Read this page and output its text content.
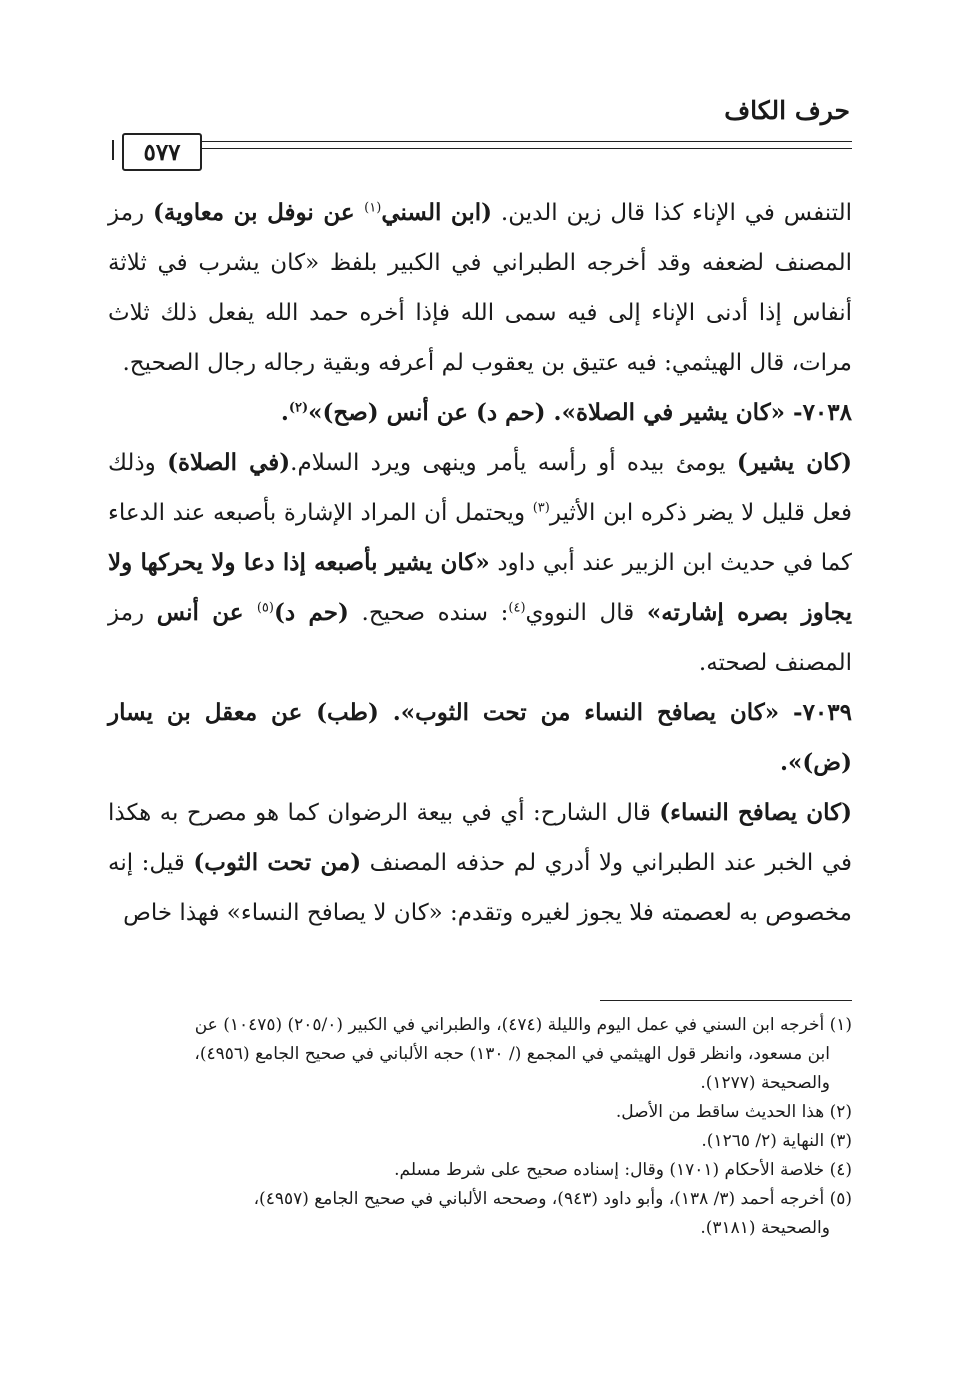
حرف الكاف
٥٧٧

التنفس في الإناء كذا قال زين الدين. (ابن السني$^{(١)}$ عن نوفل بن معاوية) رمز المصنف لضعفه وقد أخرجه الطبراني في الكبير بلفظ «كان يشرب في ثلاثة أنفاس إذا أدنى الإناء إلى فيه سمى الله فإذا أخره حمد الله يفعل ذلك ثلاث مرات، قال الهيثمي: فيه عتيق بن يعقوب لم أعرفه وبقية رجاله رجال الصحيح.

٧٠٣٨- «كان يشير في الصلاة». (حم د) عن أنس (صح)»$^{(٢)}$.

(كان يشير) يومئ بيده أو رأسه يأمر وينهى ويرد السلام.(في الصلاة) وذلك فعل قليل لا يضر ذكره ابن الأثير$^{(٣)}$ ويحتمل أن المراد الإشارة بأصبعه عند الدعاء كما في حديث ابن الزبير عند أبي داود «كان يشير بأصبعه إذا دعا ولا يحركها ولا يجاوز بصره إشارته» قال النووي$^{(٤)}$: سنده صحيح. (حم د)$^{(٥)}$ عن أنس رمز المصنف لصحته.

٧٠٣٩- «كان يصافح النساء من تحت الثوب». (طب) عن معقل بن يسار (ض)».

(كان يصافح النساء) قال الشارح: أي في بيعة الرضوان كما هو مصرح به هكذا في الخبر عند الطبراني ولا أدري لم حذفه المصنف (من تحت الثوب) قيل: إنه مخصوص به لعصمته فلا يجوز لغيره وتقدم: «كان لا يصافح النساء» فهذا خاص

(١) أخرجه ابن السني في عمل اليوم والليلة (٤٧٤)، والطبراني في الكبير (٢٠٥/٠) (١٠٤٧٥) عن
ابن مسعود، وانظر قول الهيثمي في المجمع (/ ١٣٠) حجه الألباني في صحيح الجامع (٤٩٥٦)،
والصحيحة (١٢٧٧).

(٢) هذا الحديث ساقط من الأصل.

(٣) النهاية (٢/ ١٢٦٥).

(٤) خلاصة الأحكام (١٧٠١) وقال: إسناده صحيح على شرط مسلم.

(٥) أخرجه أحمد (٣/ ١٣٨)، وأبو داود (٩٤٣)، وصححه الألباني في صحيح الجامع (٤٩٥٧)،
والصحيحة (٣١٨١).
